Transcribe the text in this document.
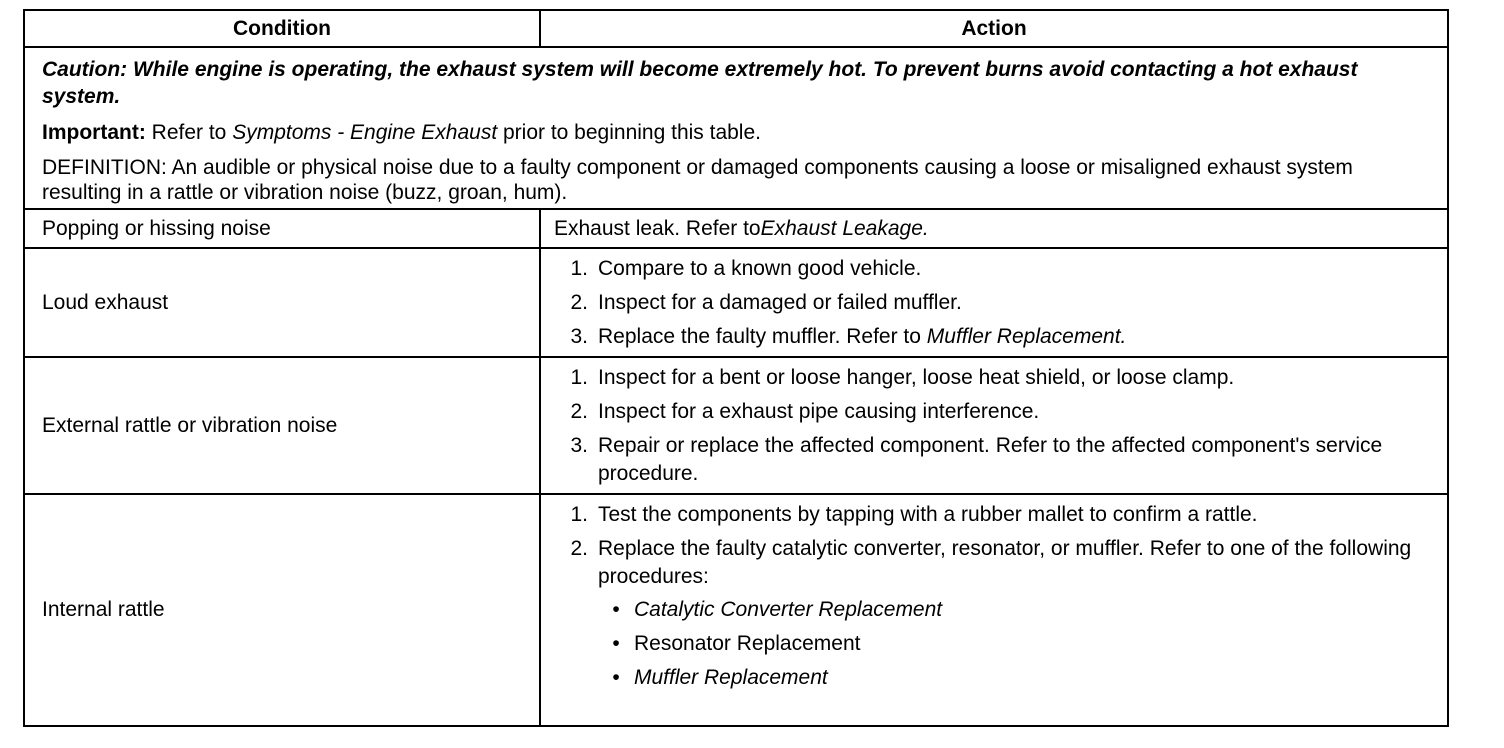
Condition	Action

Caution: While engine is operating, the exhaust system will become extremely hot. To prevent burns avoid contacting a hot exhaust system.

Important: Refer to Symptoms - Engine Exhaust prior to beginning this table.

DEFINITION: An audible or physical noise due to a faulty component or damaged components causing a loose or misaligned exhaust system resulting in a rattle or vibration noise (buzz, groan, hum).

Popping or hissing noise	Exhaust leak. Refer to Exhaust Leakage.
Loud exhaust
1. Compare to a known good vehicle.
2. Inspect for a damaged or failed muffler.
3. Replace the faulty muffler. Refer to Muffler Replacement.
External rattle or vibration noise
1. Inspect for a bent or loose hanger, loose heat shield, or loose clamp.
2. Inspect for a exhaust pipe causing interference.
3. Repair or replace the affected component. Refer to the affected component's service procedure.
Internal rattle
1. Test the components by tapping with a rubber mallet to confirm a rattle.
2. Replace the faulty catalytic converter, resonator, or muffler. Refer to one of the following procedures:
• Catalytic Converter Replacement
• Resonator Replacement
• Muffler Replacement
